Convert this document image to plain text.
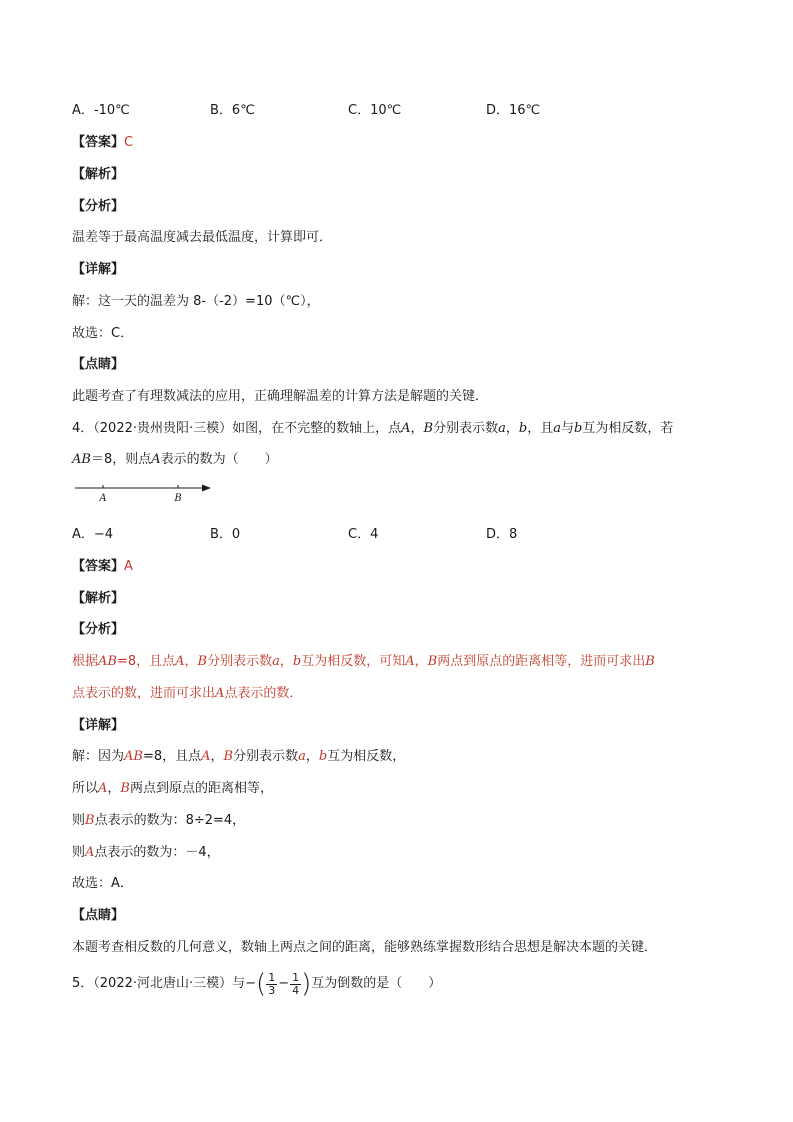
A．-10℃	B．6℃	C．10℃	D．16℃
【答案】C
【解析】
【分析】
温差等于最高温度减去最低温度，计算即可．
【详解】
解：这一天的温差为 8-（-2）=10（℃），
故选：C．
【点睛】
此题考查了有理数减法的应用，正确理解温差的计算方法是解题的关键．
4．（2022·贵州贵阳·三模）如图，在不完整的数轴上，点A，B分别表示数a，b，且a与b互为相反数，若
AB＝8，则点A表示的数为（　　）
A	B
A．−4	B．0	C．4	D．8
【答案】A
【解析】
【分析】
根据AB=8，且点A，B分别表示数a，b互为相反数，可知A，B两点到原点的距离相等，进而可求出B
点表示的数，进而可求出A点表示的数．
【详解】
解：因为AB=8，且点A，B分别表示数a，b互为相反数，
所以A，B两点到原点的距离相等，
则B点表示的数为：8÷2=4，
则A点表示的数为：－4，
故选：A．
【点睛】
本题考查相反数的几何意义，数轴上两点之间的距离，能够熟练掌握数形结合思想是解决本题的关键．
5．（2022·河北唐山·三模）与−( $\frac{1}{3} - \frac{1}{4}$ )互为倒数的是（　　）
